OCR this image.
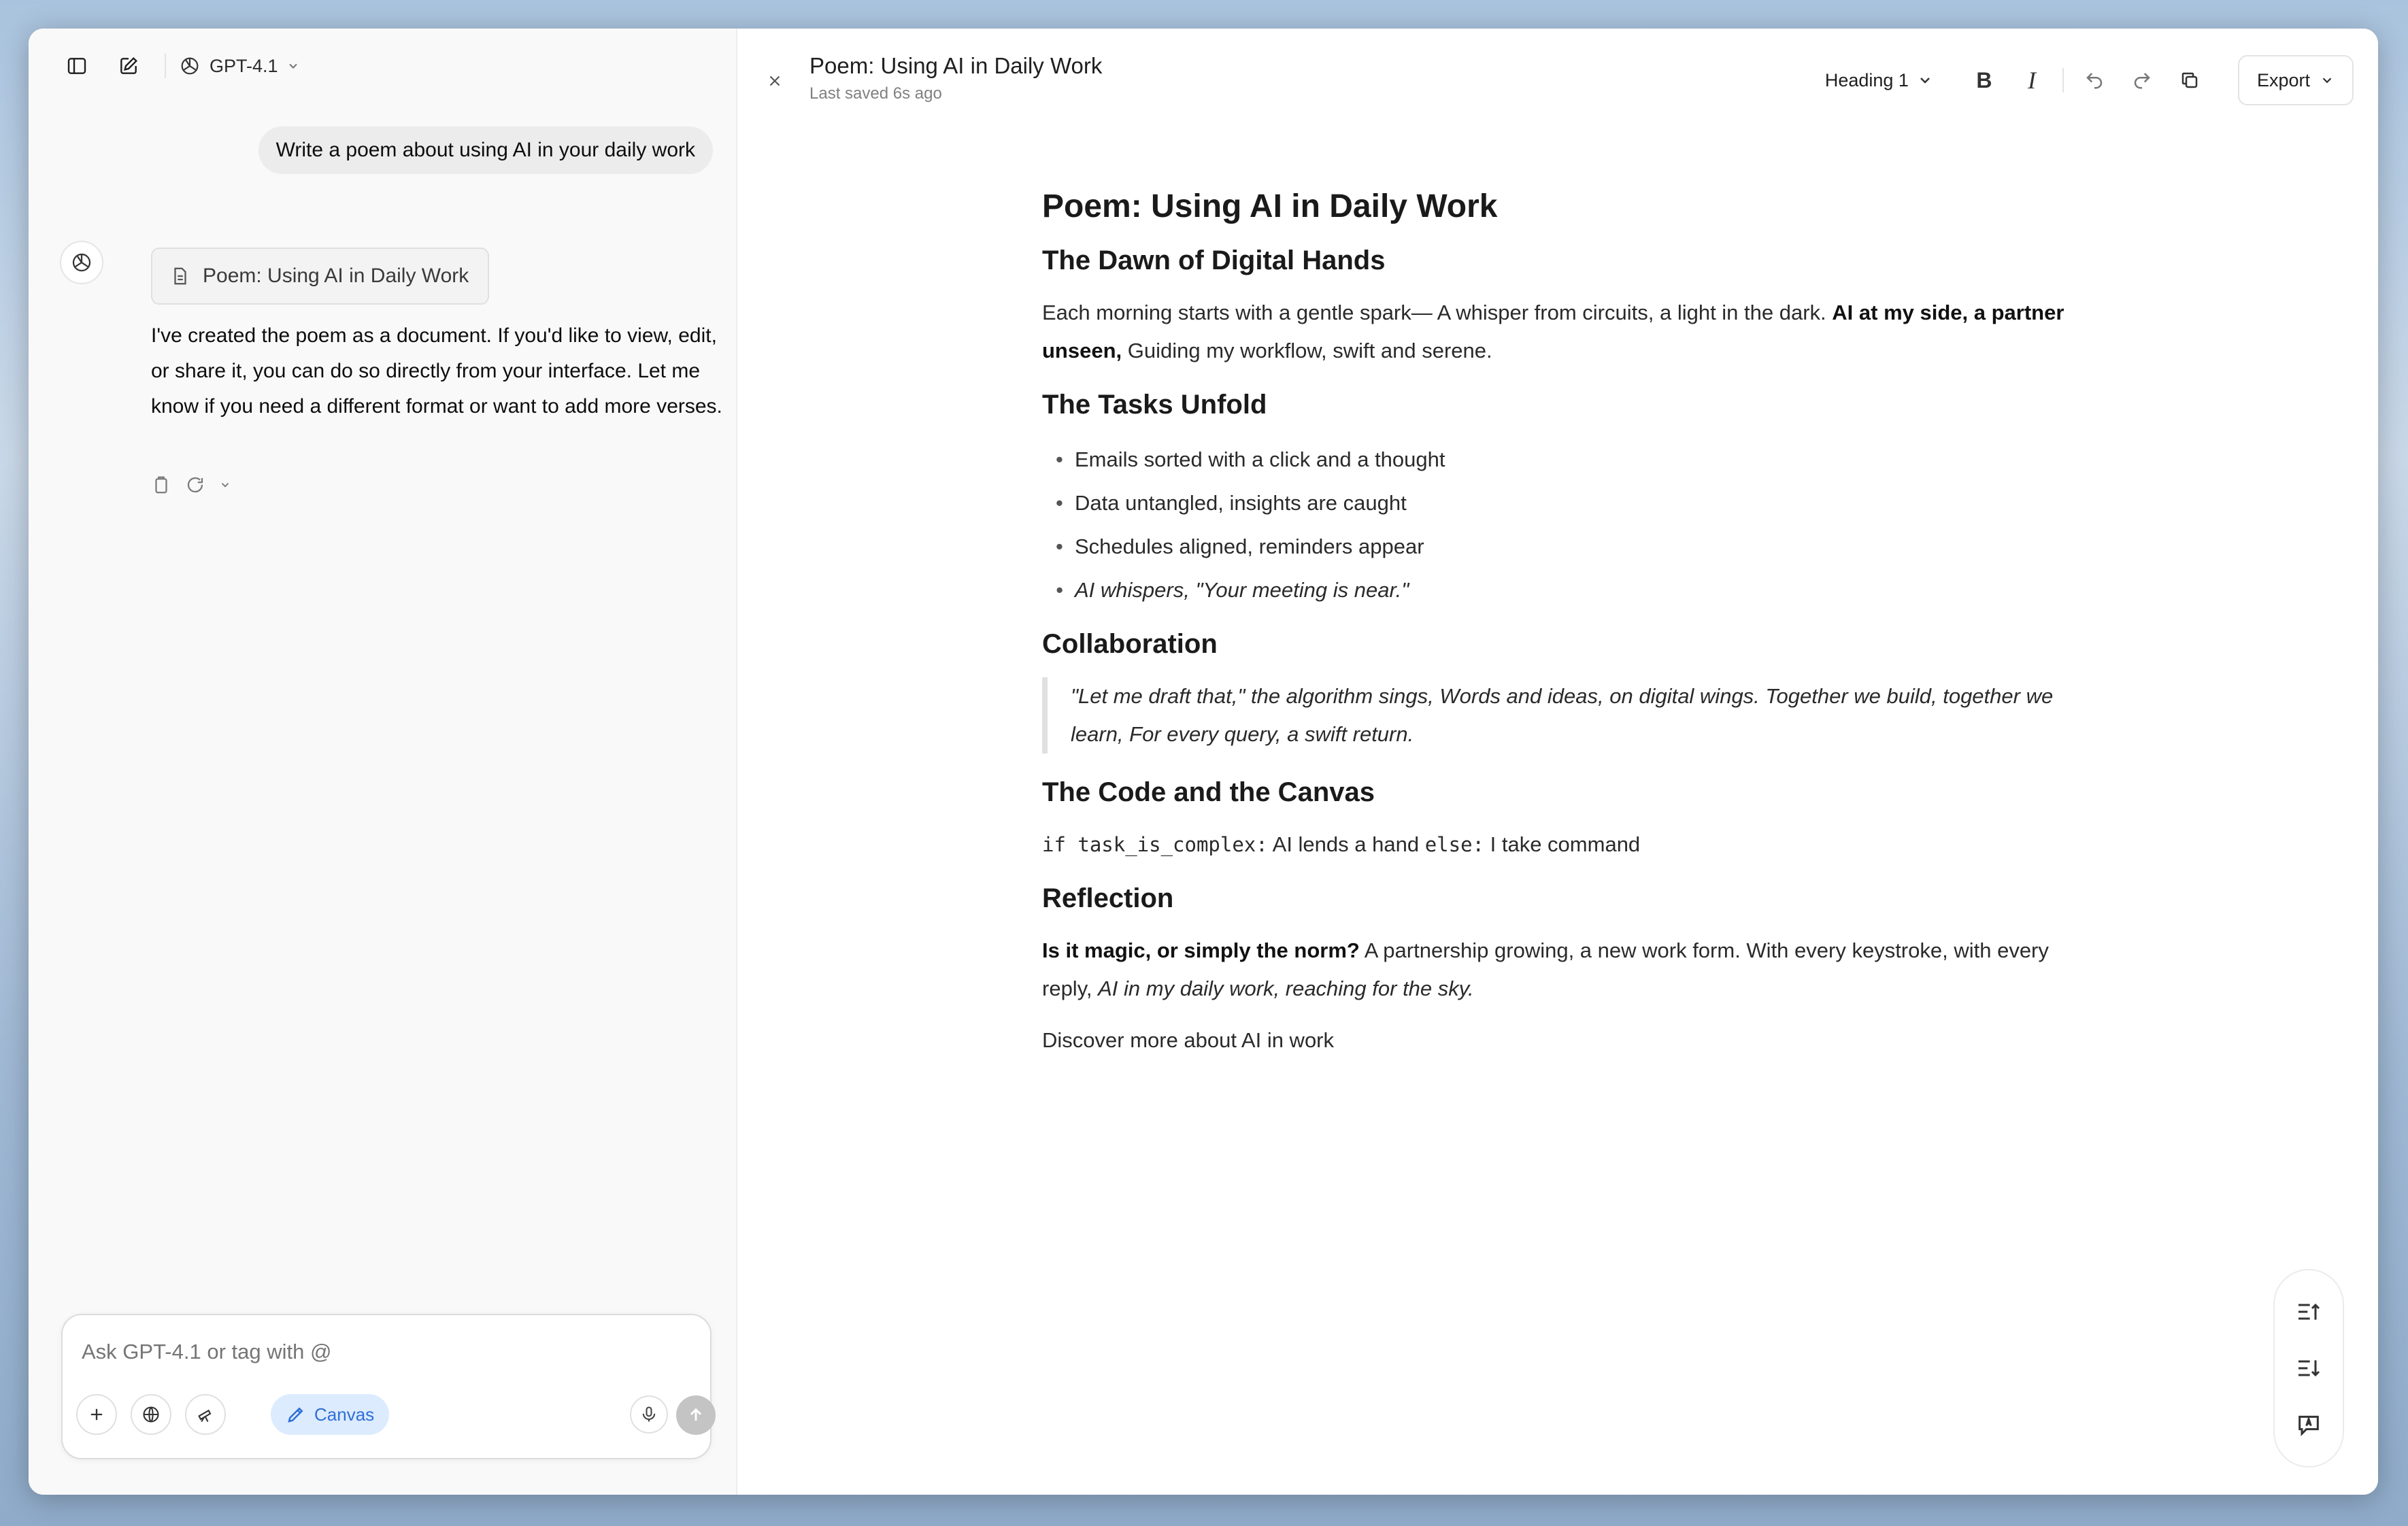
GPT-4.1
Write a poem about using AI in your daily work
Poem: Using AI in Daily Work
I've created the poem as a document. If you'd like to view, edit, or share it, you can do so directly from your interface. Let me know if you need a different format or want to add more verses.
Ask GPT-4.1 or tag with @
Canvas
Poem: Using AI in Daily Work
Last saved 6s ago
Heading 1	B	I	Export
Poem: Using AI in Daily Work
The Dawn of Digital Hands

Each morning starts with a gentle spark— A whisper from circuits, a light in the dark. AI at my side, a partner unseen, Guiding my workflow, swift and serene.

The Tasks Unfold
• Emails sorted with a click and a thought
• Data untangled, insights are caught
• Schedules aligned, reminders appear
• AI whispers, "Your meeting is near."
Collaboration
"Let me draft that," the algorithm sings, Words and ideas, on digital wings. Together we build, together we learn, For every query, a swift return.
The Code and the Canvas

if task_is_complex: AI lends a hand else: I take command

Reflection

Is it magic, or simply the norm? A partnership growing, a new work form. With every keystroke, with every reply, AI in my daily work, reaching for the sky.

Discover more about AI in work
